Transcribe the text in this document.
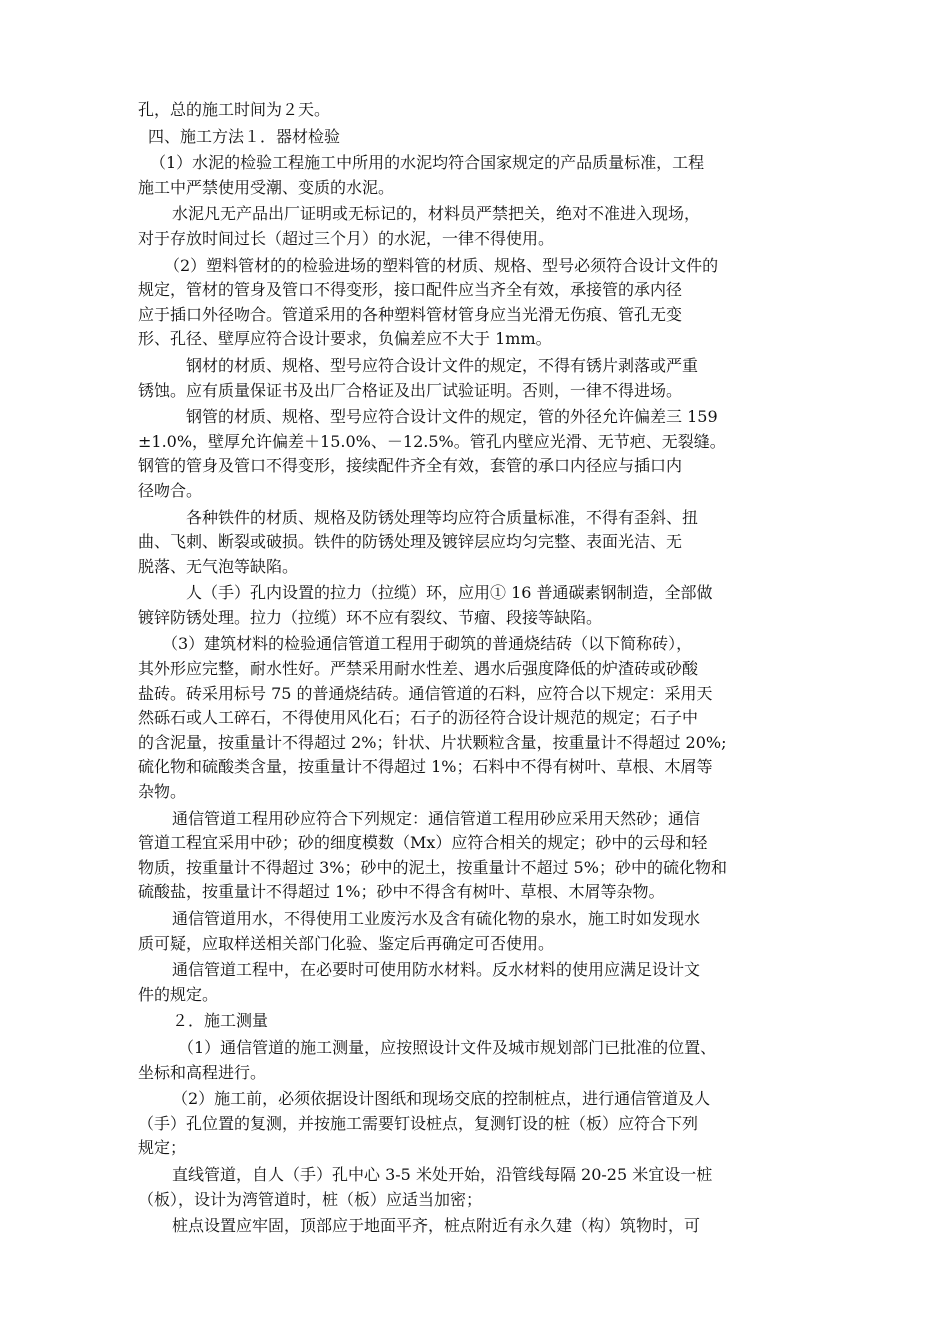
孔，总的施工时间为２天。
四、施工方法１．器材检验
（1）水泥的检验工程施工中所用的水泥均符合国家规定的产品质量标准，工程
施工中严禁使用受潮、变质的水泥。
水泥凡无产品出厂证明或无标记的，材料员严禁把关，绝对不准进入现场，
对于存放时间过长（超过三个月）的水泥，一律不得使用。
（2）塑料管材的的检验进场的塑料管的材质、规格、型号必须符合设计文件的
规定，管材的管身及管口不得变形，接口配件应当齐全有效，承接管的承内径
应于插口外径吻合。管道采用的各种塑料管材管身应当光滑无伤痕、管孔无变
形、孔径、壁厚应符合设计要求，负偏差应不大于 1mm。
钢材的材质、规格、型号应符合设计文件的规定，不得有锈片剥落或严重
锈蚀。应有质量保证书及出厂合格证及出厂试验证明。否则，一律不得进场。
钢管的材质、规格、型号应符合设计文件的规定，管的外径允许偏差三 159
±1.0%，壁厚允许偏差＋15.0%、－12.5%。管孔内壁应光滑、无节疤、无裂缝。
钢管的管身及管口不得变形，接续配件齐全有效，套管的承口内径应与插口内
径吻合。
各种铁件的材质、规格及防锈处理等均应符合质量标准，不得有歪斜、扭
曲、飞刺、断裂或破损。铁件的防锈处理及镀锌层应均匀完整、表面光洁、无
脱落、无气泡等缺陷。
人（手）孔内设置的拉力（拉缆）环，应用① 16 普通碳素钢制造，全部做
镀锌防锈处理。拉力（拉缆）环不应有裂纹、节瘤、段接等缺陷。
（3）建筑材料的检验通信管道工程用于砌筑的普通烧结砖（以下简称砖），
其外形应完整，耐水性好。严禁采用耐水性差、遇水后强度降低的炉渣砖或砂酸
盐砖。砖采用标号 75 的普通烧结砖。通信管道的石料，应符合以下规定：采用天
然砾石或人工碎石，不得使用风化石；石子的沥径符合设计规范的规定；石子中
的含泥量，按重量计不得超过 2%；针状、片状颗粒含量，按重量计不得超过 20%;
硫化物和硫酸类含量，按重量计不得超过 1%；石料中不得有树叶、草根、木屑等
杂物。
通信管道工程用砂应符合下列规定：通信管道工程用砂应采用天然砂；通信
管道工程宜采用中砂；砂的细度模数（Mx）应符合相关的规定；砂中的云母和轻
物质，按重量计不得超过 3%；砂中的泥土，按重量计不超过 5%；砂中的硫化物和
硫酸盐，按重量计不得超过 1%；砂中不得含有树叶、草根、木屑等杂物。
通信管道用水，不得使用工业废污水及含有硫化物的泉水，施工时如发现水
质可疑，应取样送相关部门化验、鉴定后再确定可否使用。
通信管道工程中，在必要时可使用防水材料。反水材料的使用应满足设计文
件的规定。
２．施工测量
（1）通信管道的施工测量，应按照设计文件及城市规划部门已批准的位置、
坐标和高程进行。
（2）施工前，必须依据设计图纸和现场交底的控制桩点，进行通信管道及人
（手）孔位置的复测，并按施工需要钉设桩点，复测钉设的桩（板）应符合下列
规定；
直线管道，自人（手）孔中心 3-5 米处开始，沿管线每隔 20-25 米宜设一桩
（板），设计为湾管道时，桩（板）应适当加密；
桩点设置应牢固，顶部应于地面平齐，桩点附近有永久建（构）筑物时，可
